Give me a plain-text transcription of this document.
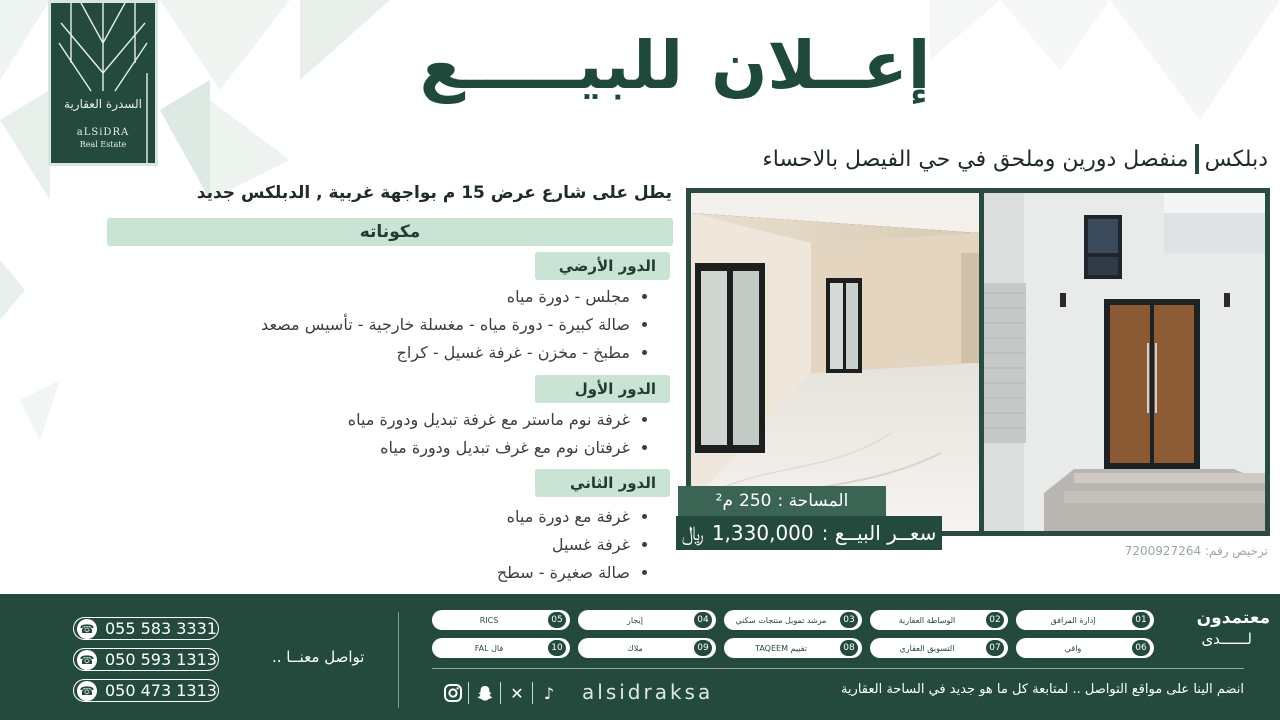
السدرة العقارية
aLSiDRA
Real Estate
إعــلان
للبيـــــع
دبلكس
منفصل دورين وملحق في حي الفيصل بالاحساء
المساحة :
250
م²
سعــر البيــع :
1,330,000
﷼
ترخيص رقم: 7200927264
يطل على شارع عرض 15 م بواجهة غربية , الدبلكس جديد
مكوناته
الدور الأرضي
• مجلس - دورة مياه
• صالة كبيرة - دورة مياه - مغسلة خارجية - تأسيس مصعد
• مطبخ - مخزن - غرفة غسيل - كراج
الدور الأول
• غرفة نوم ماستر مع غرفة تبديل ودورة مياه
• غرفتان نوم مع غرف تبديل ودورة مياه
الدور الثاني
• غرفة مع دورة مياه
• غرفة غسيل
• صالة صغيرة - سطح
☎ 055 583 3331
☎ 050 593 1313
☎ 050 473 1313
تواصل معنــا ..
معتمدون
لــــــدى
01
إدارة المرافق
02
الوساطة العقارية
03
مرشد تمويل منتجات سكني
04
إيجار
05
RICS
06
واقي
07
التسويق العقاري
08
تقييم TAQEEM
09
ملاك
10
فال FAL
انضم الينا على مواقع التواصل .. لمتابعة كل ما هو جديد في الساحة العقارية
alsidraksa
♪
✕
